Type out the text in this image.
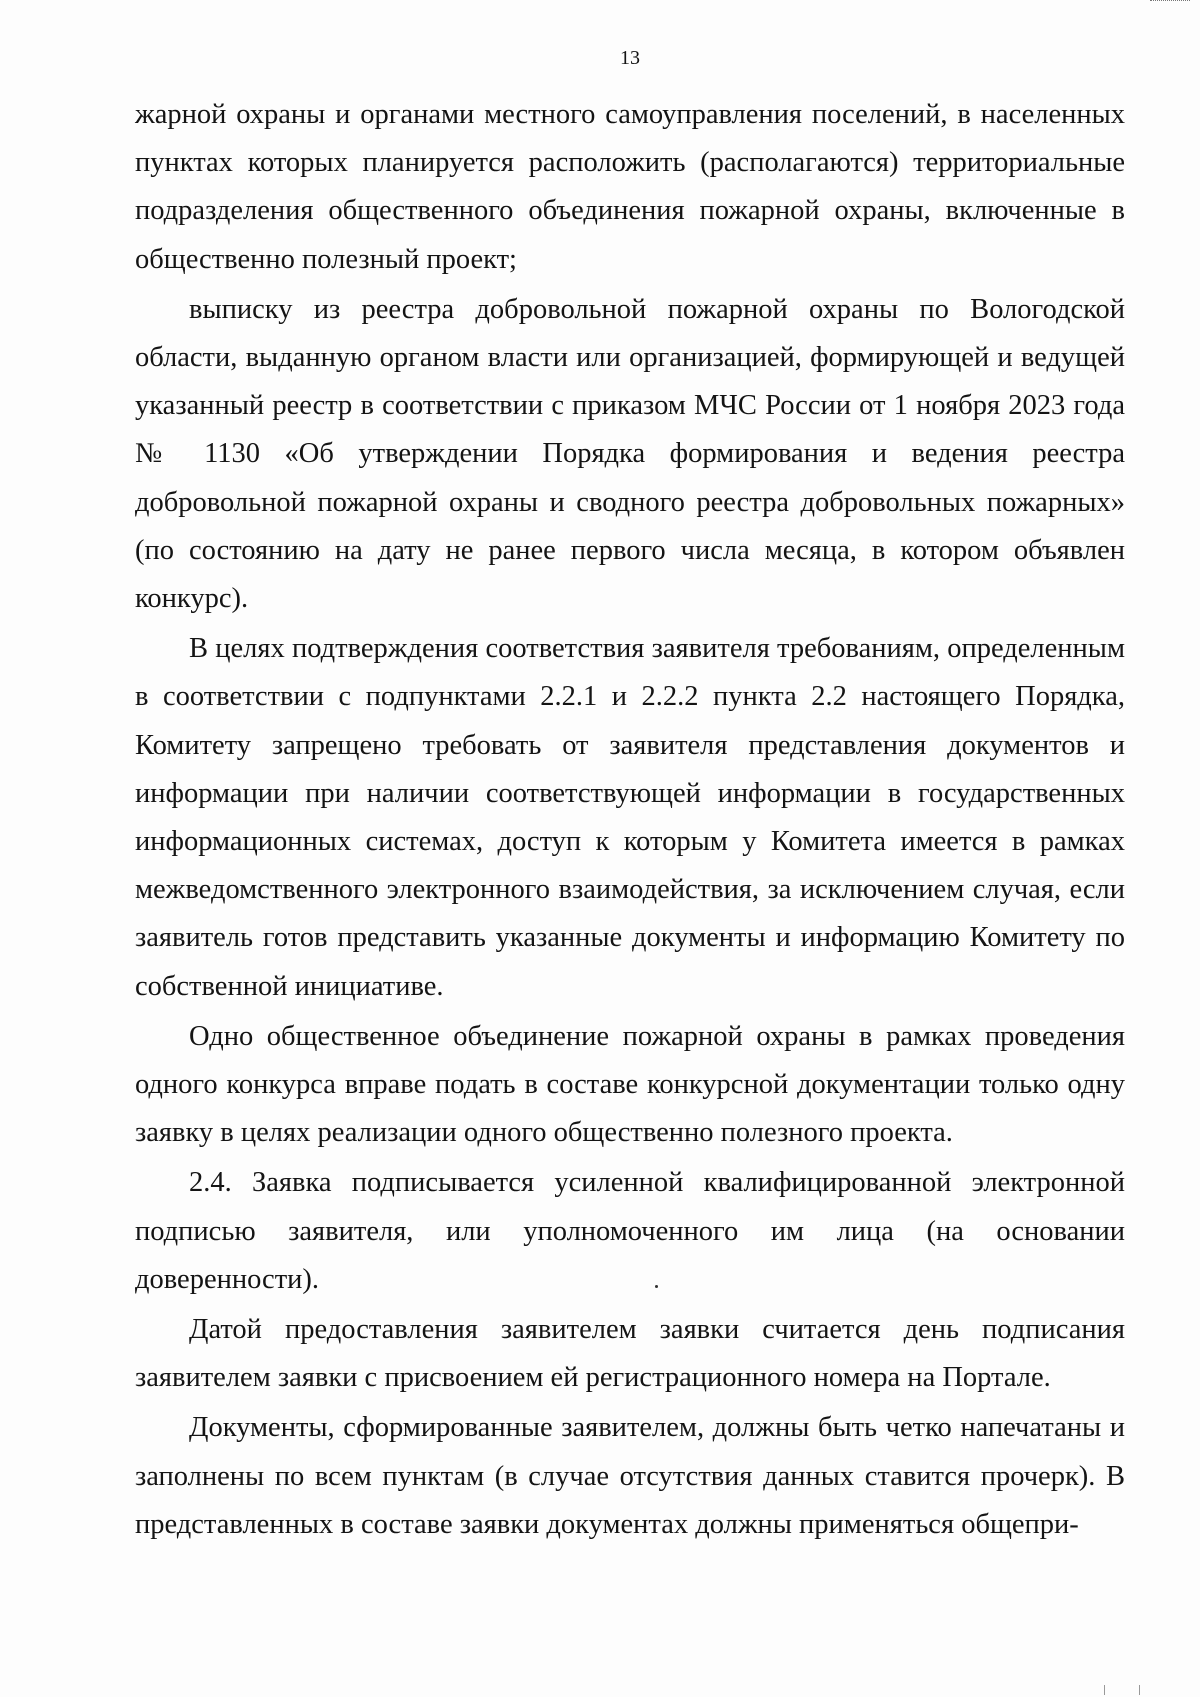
13

жарной охраны и органами местного самоуправления поселений, в населенных пунктах которых планируется расположить (располагаются) территориальные подразделения общественного объединения пожарной охраны, включенные в общественно полезный проект;

выписку из реестра добровольной пожарной охраны по Вологодской области, выданную органом власти или организацией, формирующей и ведущей указанный реестр в соответствии с приказом МЧС России от 1 ноября 2023 года № 1130 «Об утверждении Порядка формирования и ведения реестра добровольной пожарной охраны и сводного реестра добровольных пожарных» (по состоянию на дату не ранее первого числа месяца, в котором объявлен конкурс).

В целях подтверждения соответствия заявителя требованиям, определенным в соответствии с подпунктами 2.2.1 и 2.2.2 пункта 2.2 настоящего Порядка, Комитету запрещено требовать от заявителя представления документов и информации при наличии соответствующей информации в государственных информационных системах, доступ к которым у Комитета имеется в рамках межведомственного электронного взаимодействия, за исключением случая, если заявитель готов представить указанные документы и информацию Комитету по собственной инициативе.

Одно общественное объединение пожарной охраны в рамках проведения одного конкурса вправе подать в составе конкурсной документации только одну заявку в целях реализации одного общественно полезного проекта.

2.4. Заявка подписывается усиленной квалифицированной электронной подписью заявителя, или уполномоченного им лица (на основании доверенности).

Датой предоставления заявителем заявки считается день подписания заявителем заявки с присвоением ей регистрационного номера на Портале.

Документы, сформированные заявителем, должны быть четко напечатаны и заполнены по всем пунктам (в случае отсутствия данных ставится прочерк). В представленных в составе заявки документах должны применяться общепри-
